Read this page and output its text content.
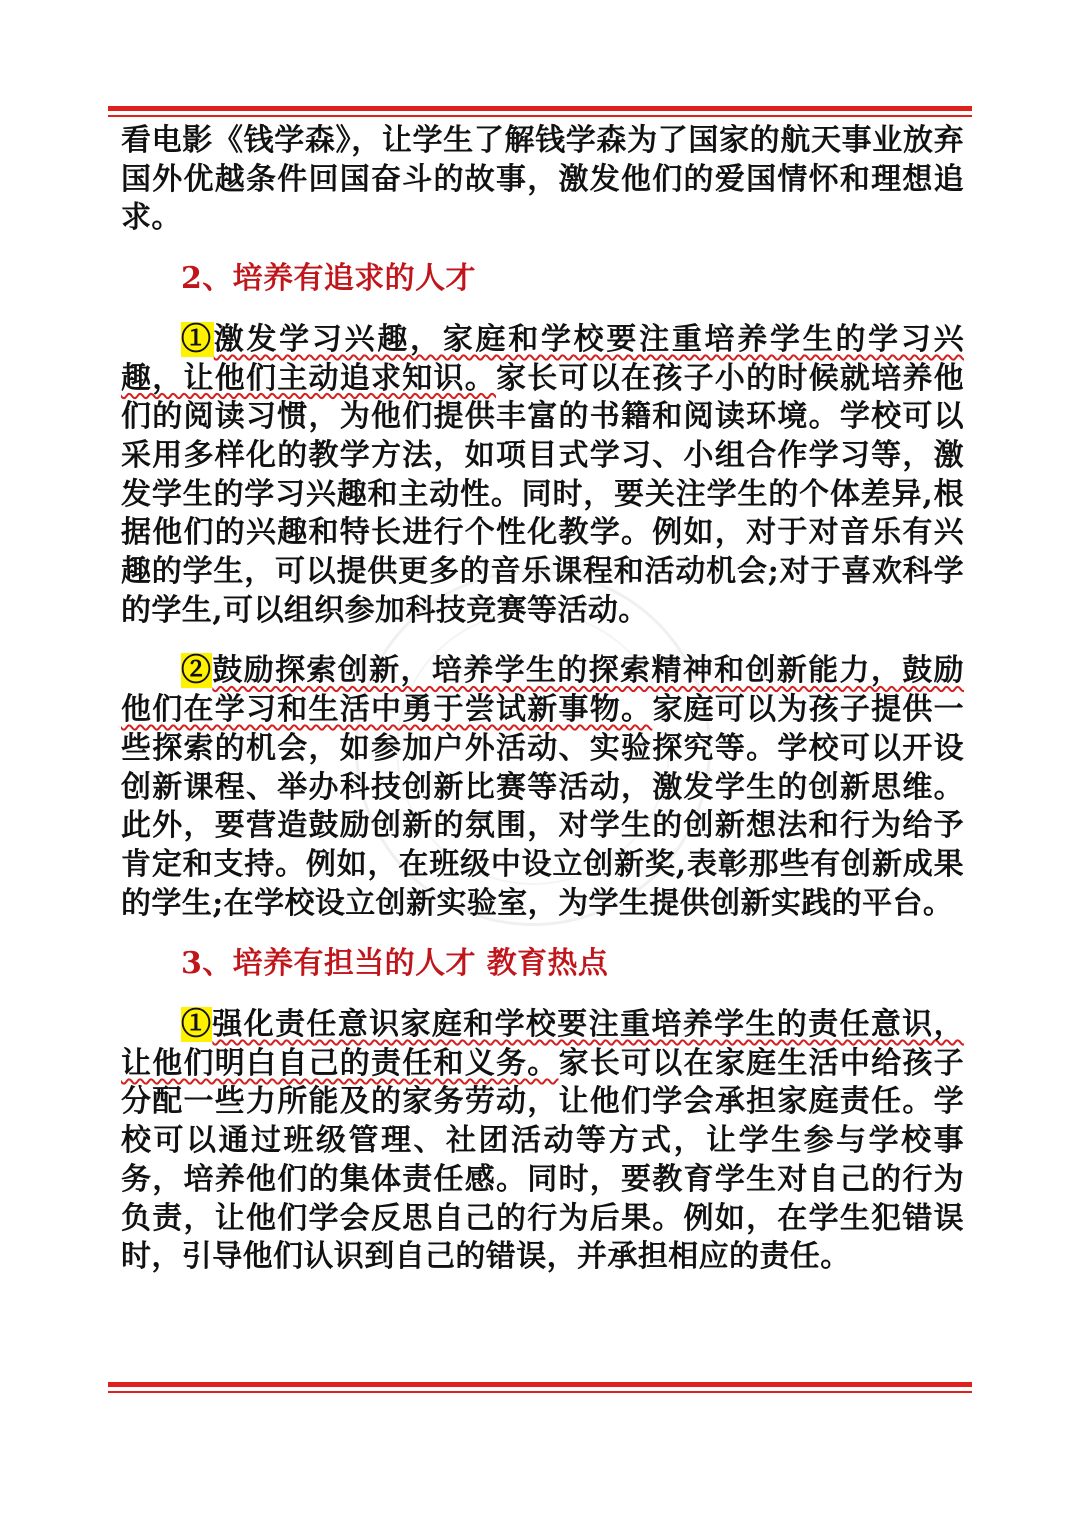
看电影《钱学森》，让学生了解钱学森为了国家的航天事业放弃国外优越条件回国奋斗的故事，激发他们的爱国情怀和理想追求。

2、培养有追求的人才

①激发学习兴趣，家庭和学校要注重培养学生的学习兴趣，让他们主动追求知识。家长可以在孩子小的时候就培养他们的阅读习惯，为他们提供丰富的书籍和阅读环境。学校可以采用多样化的教学方法，如项目式学习、小组合作学习等，激发学生的学习兴趣和主动性。同时，要关注学生的个体差异,根据他们的兴趣和特长进行个性化教学。例如，对于对音乐有兴趣的学生，可以提供更多的音乐课程和活动机会;对于喜欢科学的学生,可以组织参加科技竞赛等活动。

②鼓励探索创新，培养学生的探索精神和创新能力，鼓励他们在学习和生活中勇于尝试新事物。家庭可以为孩子提供一些探索的机会，如参加户外活动、实验探究等。学校可以开设创新课程、举办科技创新比赛等活动，激发学生的创新思维。此外，要营造鼓励创新的氛围，对学生的创新想法和行为给予肯定和支持。例如，在班级中设立创新奖,表彰那些有创新成果的学生;在学校设立创新实验室，为学生提供创新实践的平台。

3、培养有担当的人才 教育热点

①强化责任意识家庭和学校要注重培养学生的责任意识，让他们明白自己的责任和义务。家长可以在家庭生活中给孩子分配一些力所能及的家务劳动，让他们学会承担家庭责任。学校可以通过班级管理、社团活动等方式，让学生参与学校事务，培养他们的集体责任感。同时，要教育学生对自己的行为负责，让他们学会反思自己的行为后果。例如，在学生犯错误时，引导他们认识到自己的错误，并承担相应的责任。
